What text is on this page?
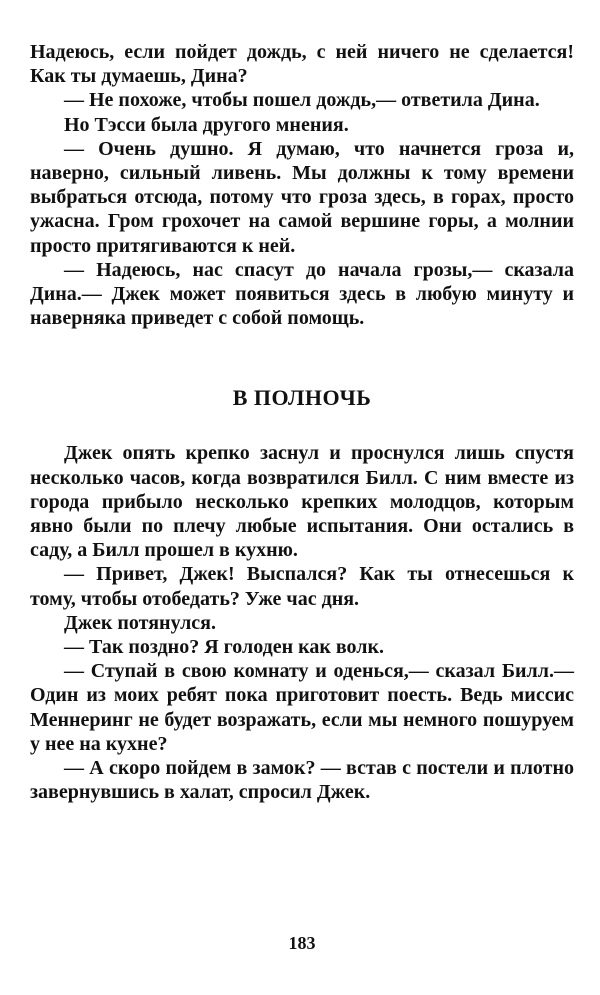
Надеюсь, если пойдет дождь, с ней ничего не сделается! Как ты думаешь, Дина?

— Не похоже, чтобы пошел дождь,— ответила Дина.

Но Тэсси была другого мнения.

— Очень душно. Я думаю, что начнется гроза и, наверно, сильный ливень. Мы должны к тому времени выбраться отсюда, потому что гроза здесь, в горах, просто ужасна. Гром грохочет на самой вершине горы, а молнии просто притягиваются к ней.

— Надеюсь, нас спасут до начала грозы,— сказала Дина.— Джек может появиться здесь в любую минуту и наверняка приведет с собой помощь.

В ПОЛНОЧЬ

Джек опять крепко заснул и проснулся лишь спустя несколько часов, когда возвратился Билл. С ним вместе из города прибыло несколько крепких молодцов, которым явно были по плечу любые испытания. Они остались в саду, а Билл прошел в кухню.

— Привет, Джек! Выспался? Как ты отнесешься к тому, чтобы отобедать? Уже час дня.

Джек потянулся.

— Так поздно? Я голоден как волк.

— Ступай в свою комнату и оденься,— сказал Билл.— Один из моих ребят пока приготовит поесть. Ведь миссис Меннеринг не будет возражать, если мы немного пошуруем у нее на кухне?

— А скоро пойдем в замок? — встав с постели и плотно завернувшись в халат, спросил Джек.

183
